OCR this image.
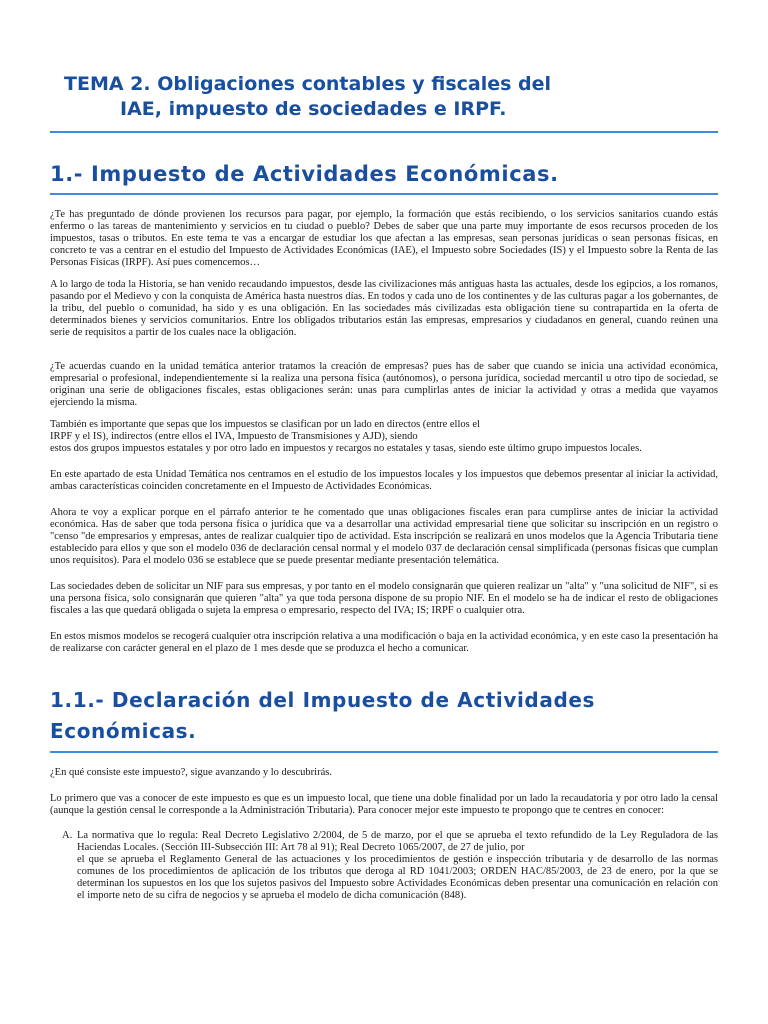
TEMA 2. Obligaciones contables y fiscales del
IAE, impuesto de sociedades e IRPF.
1.- Impuesto de Actividades Económicas.

¿Te has preguntado de dónde provienen los recursos para pagar, por ejemplo, la formación que estás recibiendo, o los servicios sanitarios cuando estás enfermo o las tareas de mantenimiento y servicios en tu ciudad o pueblo? Debes de saber que una parte muy importante de esos recursos proceden de los impuestos, tasas o tributos. En este tema te vas a encargar de estudiar los que afectan a las empresas, sean personas jurídicas o sean personas físicas, en concreto te vas a centrar en el estudio del Impuesto de Actividades Económicas (IAE), el Impuesto sobre Sociedades (IS) y el Impuesto sobre la Renta de las Personas Físicas (IRPF). Así pues comencemos…

A lo largo de toda la Historia, se han venido recaudando impuestos, desde las civilizaciones más antiguas hasta las actuales, desde los egipcios, a los romanos, pasando por el Medievo y con la conquista de América hasta nuestros días. En todos y cada uno de los continentes y de las culturas pagar a los gobernantes, de la tribu, del pueblo o comunidad, ha sido y es una obligación. En las sociedades más civilizadas esta obligación tiene su contrapartida en la oferta de determinados bienes y servicios comunitarios. Entre los obligados tributarios están las empresas, empresarios y ciudadanos en general, cuando reúnen una serie de requisitos a partir de los cuales nace la obligación.

¿Te acuerdas cuando en la unidad temática anterior tratamos la creación de empresas? pues has de saber que cuando se inicia una actividad económica, empresarial o profesional, independientemente si la realiza una persona física (autónomos), o persona jurídica, sociedad mercantil u otro tipo de sociedad, se originan una serie de obligaciones fiscales, estas obligaciones serán: unas para cumplirlas antes de iniciar la actividad y otras a medida que vayamos ejerciendo la misma.

También es importante que sepas que los impuestos se clasifican por un lado en directos (entre ellos el

IRPF y el IS), indirectos (entre ellos el IVA, Impuesto de Transmisiones y AJD), siendo

estos dos grupos impuestos estatales y por otro lado en impuestos y recargos no estatales y tasas, siendo este último grupo impuestos locales.

En este apartado de esta Unidad Temática nos centramos en el estudio de los impuestos locales y los impuestos que debemos presentar al iniciar la actividad, ambas características coinciden concretamente en el Impuesto de Actividades Económicas.

Ahora te voy a explicar porque en el párrafo anterior te he comentado que unas obligaciones fiscales eran para cumplirse antes de iniciar la actividad económica. Has de saber que toda persona física o jurídica que va a desarrollar una actividad empresarial tiene que solicitar su inscripción en un registro o "censo "de empresarios y empresas, antes de realizar cualquier tipo de actividad. Esta inscripción se realizará en unos modelos que la Agencia Tributaria tiene establecido para ellos y que son el modelo 036 de declaración censal normal y el modelo 037 de declaración censal simplificada (personas físicas que cumplan unos requisitos). Para el modelo 036 se establece que se puede presentar mediante presentación telemática.

Las sociedades deben de solicitar un NIF para sus empresas, y por tanto en el modelo consignarán que quieren realizar un "alta" y "una solicitud de NIF", si es una persona física, solo consignarán que quieren "alta" ya que toda persona dispone de su propio NIF. En el modelo se ha de indicar el resto de obligaciones fiscales a las que quedará obligada o sujeta la empresa o empresario, respecto del IVA; IS; IRPF o cualquier otra.

En estos mismos modelos se recogerá cualquier otra inscripción relativa a una modificación o baja en la actividad económica, y en este caso la presentación ha de realizarse con carácter general en el plazo de 1 mes desde que se produzca el hecho a comunicar.

1.1.- Declaración del Impuesto de Actividades
Económicas.

¿En qué consiste este impuesto?, sigue avanzando y lo descubrirás.

Lo primero que vas a conocer de este impuesto es que es un impuesto local, que tiene una doble finalidad por un lado la recaudatoria y por otro lado la censal (aunque la gestión censal le corresponde a la Administración Tributaria). Para conocer mejor este impuesto te propongo que te centres en conocer:

A. La normativa que lo regula: Real Decreto Legislativo 2/2004, de 5 de marzo, por el que se aprueba el texto refundido de la Ley Reguladora de las Haciendas Locales. (Sección III-Subsección III: Art 78 al 91); Real Decreto 1065/2007, de 27 de julio, por
el que se aprueba el Reglamento General de las actuaciones y los procedimientos de gestión e inspección tributaria y de desarrollo de las normas comunes de los procedimientos de aplicación de los tributos que deroga al RD 1041/2003; ORDEN HAC/85/2003, de 23 de enero, por la que se determinan los supuestos en los que los sujetos pasivos del Impuesto sobre Actividades Económicas deben presentar una comunicación en relación con el importe neto de su cifra de negocios y se aprueba el modelo de dicha comunicación (848).
